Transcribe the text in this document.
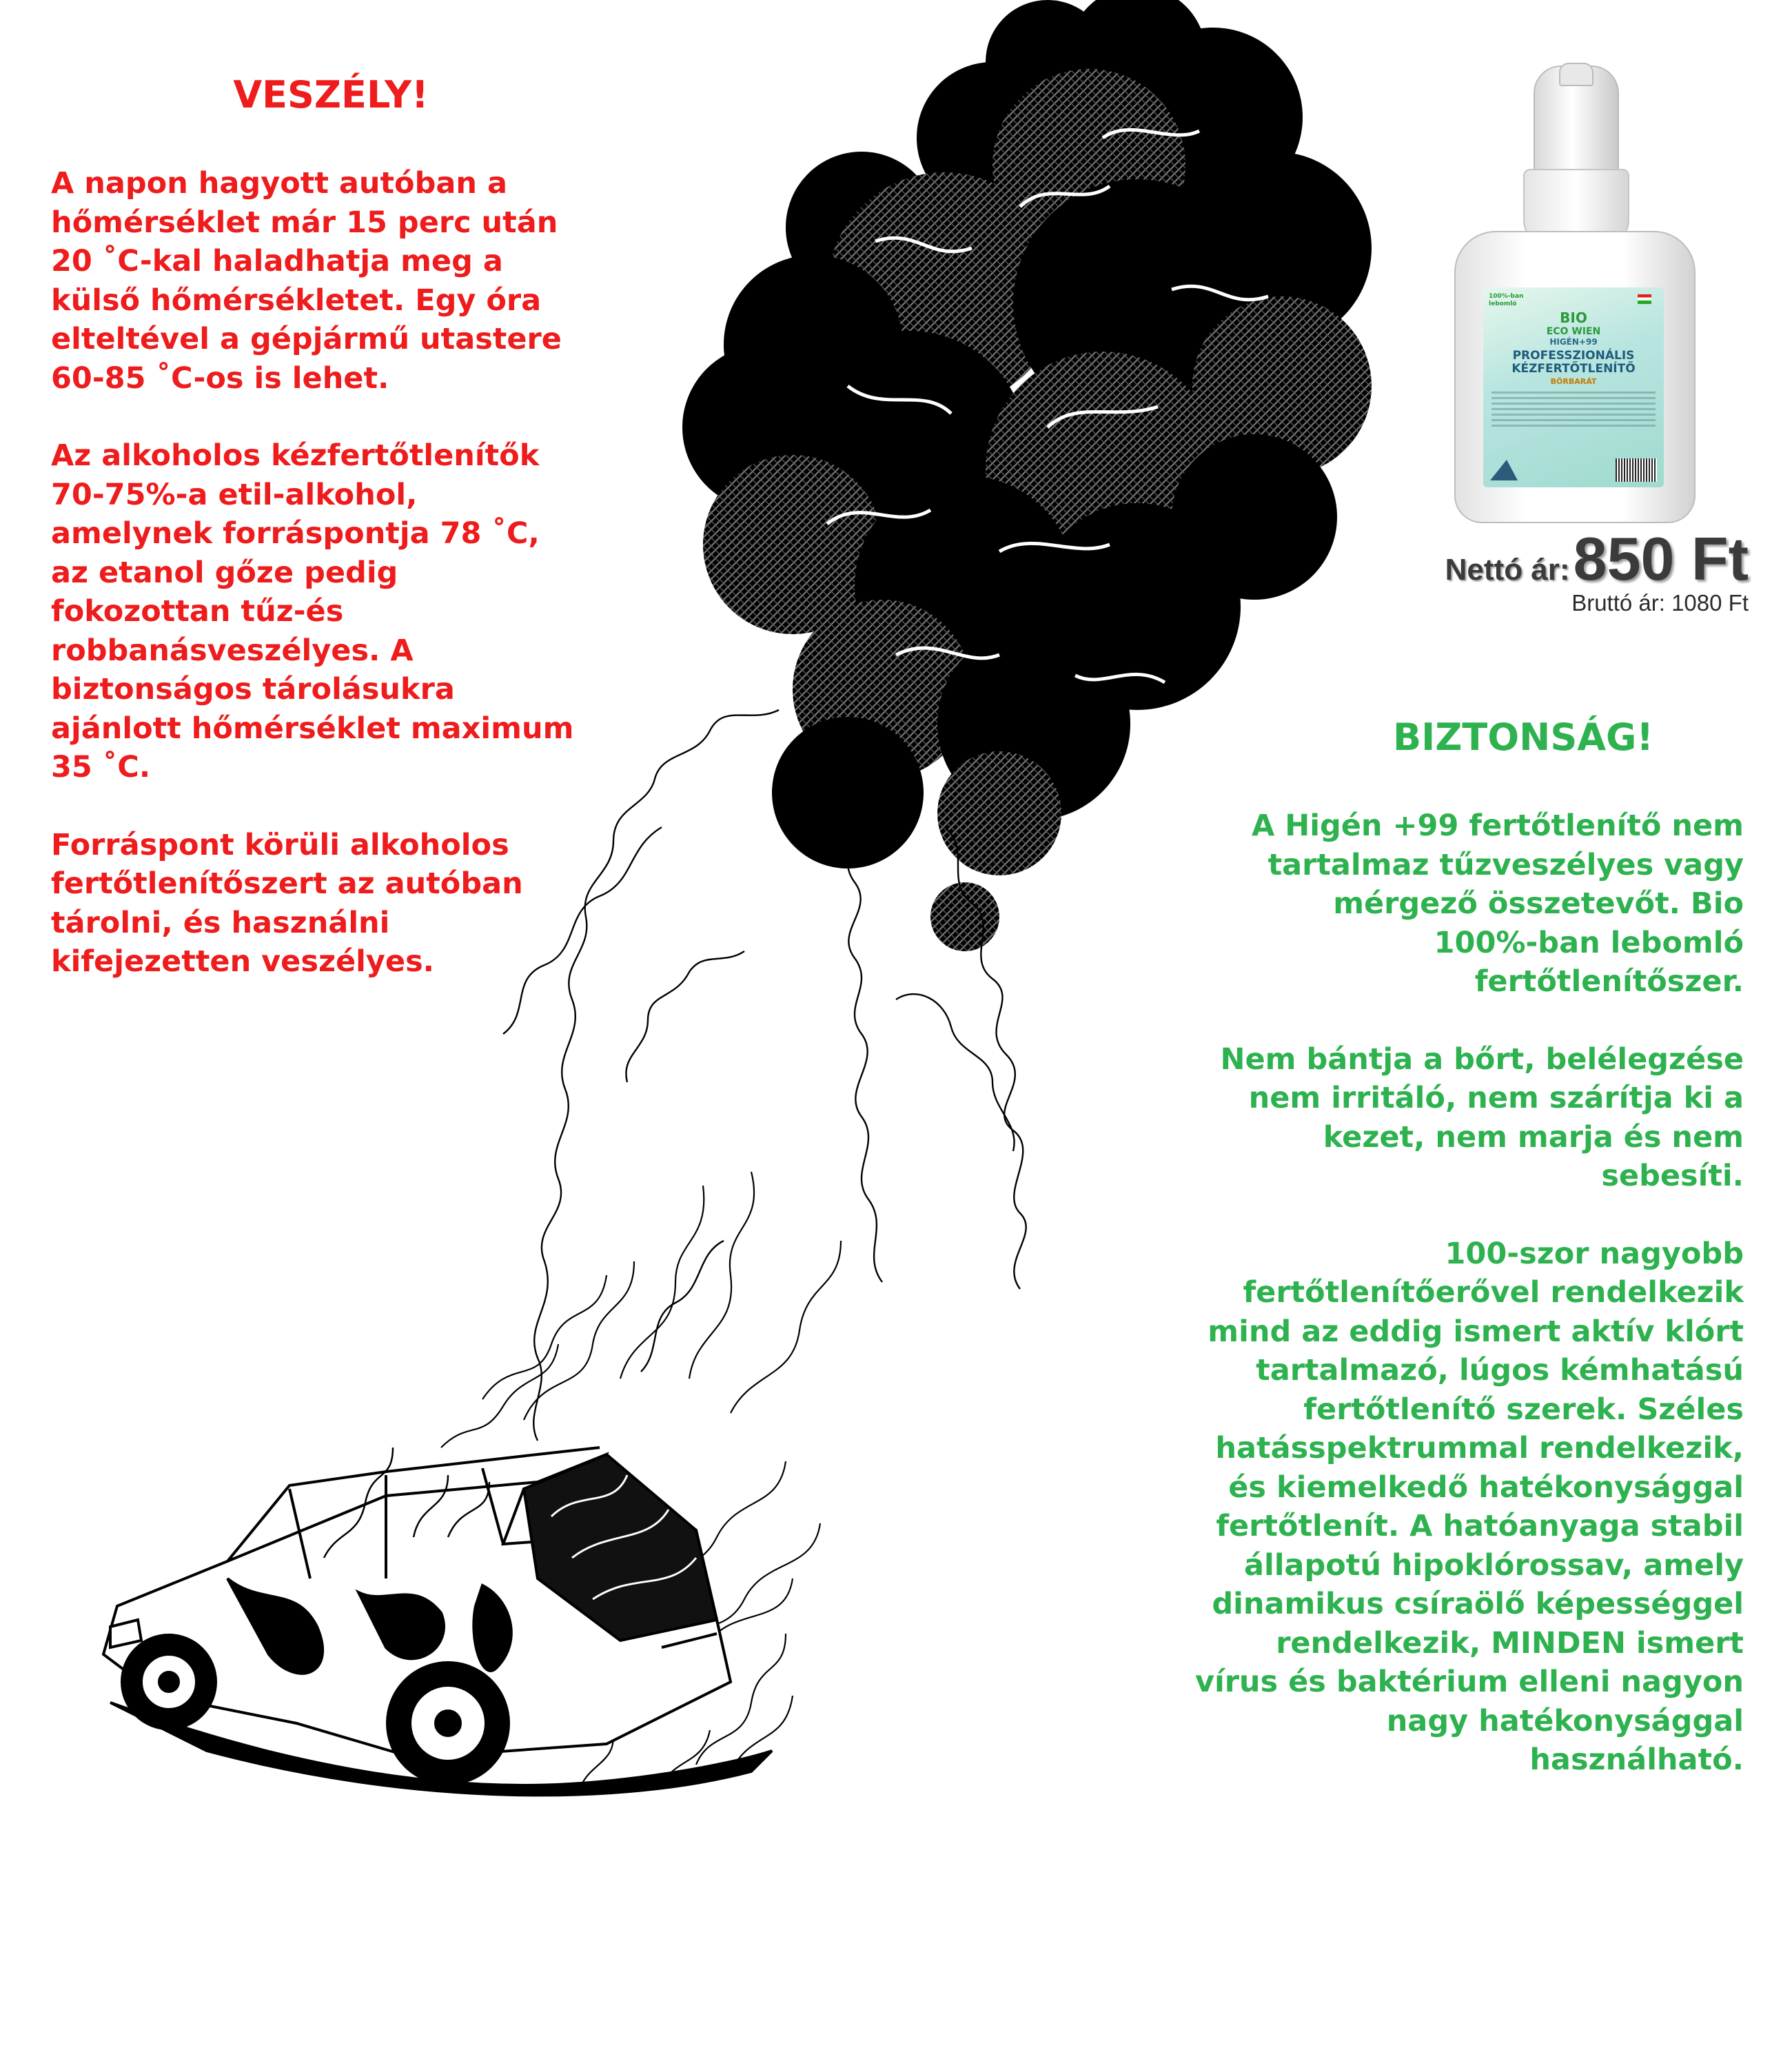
VESZÉLY!

A napon hagyott autóban a
hőmérséklet már 15 perc után
20 ˚C-kal haladhatja meg a
külső hőmérsékletet. Egy óra
elteltével a gépjármű utastere
60-85 ˚C-os is lehet.

Az alkoholos kézfertőtlenítők
70-75%-a etil-alkohol,
amelynek forráspontja 78 ˚C,
az etanol gőze pedig
fokozottan tűz-és
robbanásveszélyes. A
biztonságos tárolásukra
ajánlott hőmérséklet maximum
35 ˚C.

Forráspont körüli alkoholos
fertőtlenítőszert az autóban
tárolni, és használni
kifejezetten veszélyes.

100%-ban
lebomló
BIO
ECO WIEN
HIGÉN+99
PROFESSZIONÁLIS
KÉZFERTŐTLENÍTŐ
BŐRBARÁT
Nettó ár: 850 Ft
Bruttó ár: 1080 Ft
BIZTONSÁG!

A Higén +99 fertőtlenítő nem
tartalmaz tűzveszélyes vagy
mérgező összetevőt. Bio
100%-ban lebomló
fertőtlenítőszer.

Nem bántja a bőrt, belélegzése
nem irritáló, nem szárítja ki a
kezet, nem marja és nem
sebesíti.

100-szor nagyobb
fertőtlenítőerővel rendelkezik
mind az eddig ismert aktív klórt
tartalmazó, lúgos kémhatású
fertőtlenítő szerek. Széles
hatásspektrummal rendelkezik,
és kiemelkedő hatékonysággal
fertőtlenít. A hatóanyaga stabil
állapotú hipoklórossav, amely
dinamikus csíraölő képességgel
rendelkezik, MINDEN ismert
vírus és baktérium elleni nagyon
nagy hatékonysággal
használható.
